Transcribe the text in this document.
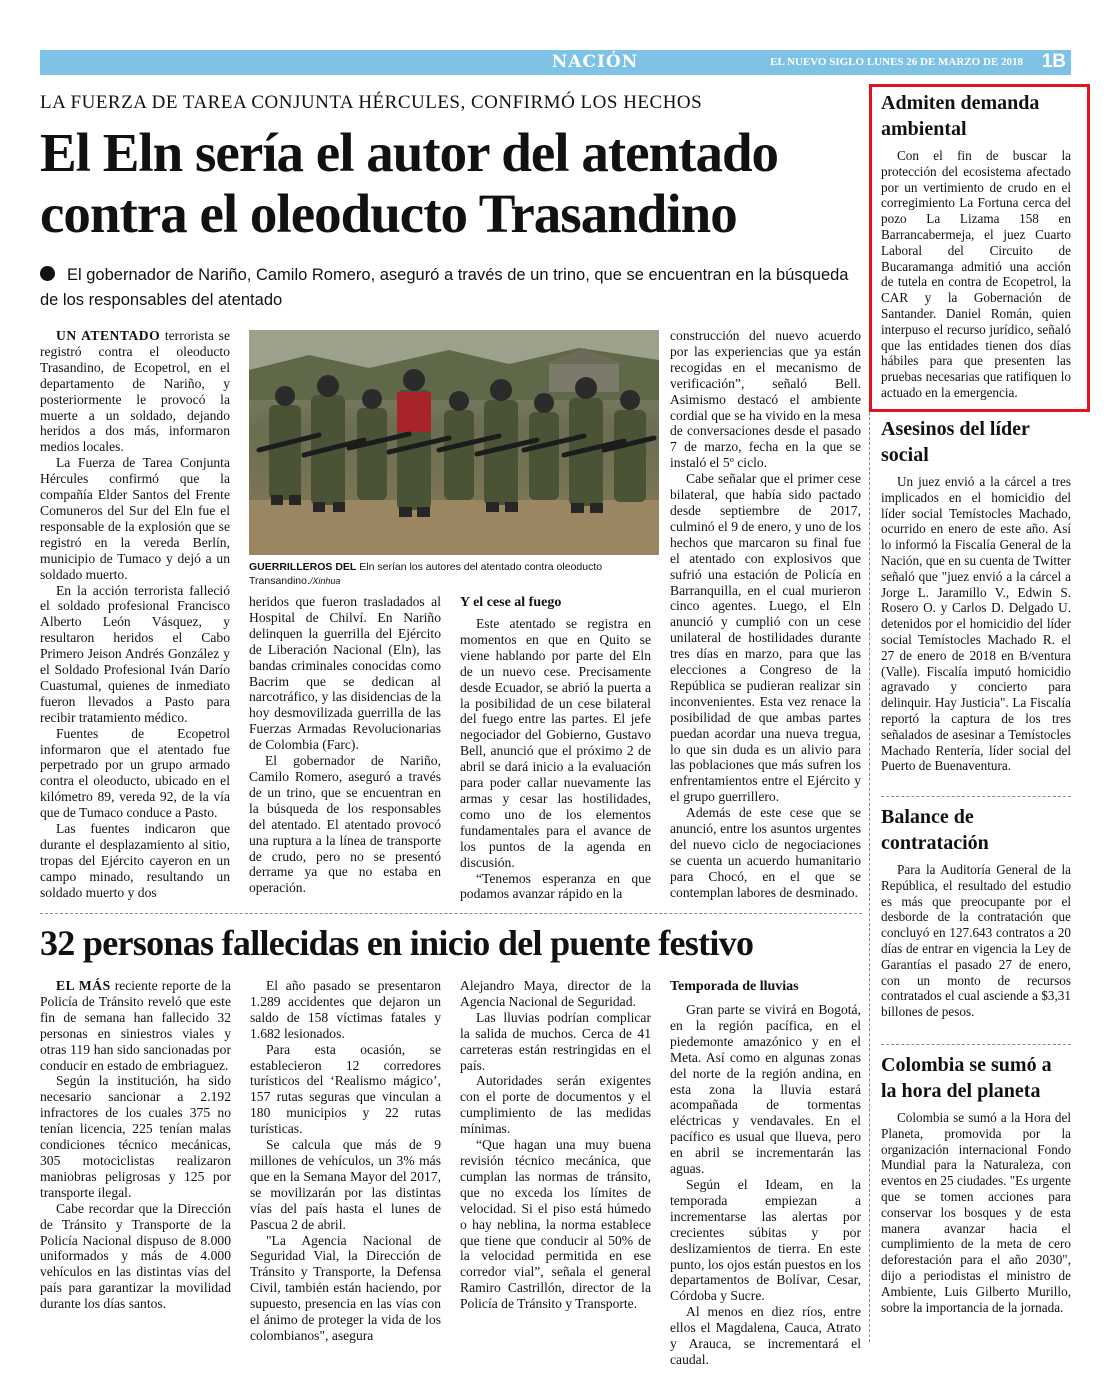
NACIÓN	EL NUEVO SIGLO LUNES 26 DE MARZO DE 2018 1B
LA FUERZA DE TAREA CONJUNTA HÉRCULES, CONFIRMÓ LOS HECHOS
El Eln sería el autor del atentado contra el oleoducto Trasandino
El gobernador de Nariño, Camilo Romero, aseguró a través de un trino, que se encuentran en la búsqueda de los responsables del atentado

UN ATENTADO terrorista se registró contra el oleoducto Trasandino, de Ecopetrol, en el departamento de Nariño, y posteriormente le provocó la muerte a un soldado, dejando heridos a dos más, informaron medios locales.

La Fuerza de Tarea Conjunta Hércules confirmó que la compañía Elder Santos del Frente Comuneros del Sur del Eln fue el responsable de la explosión que se registró en la vereda Berlín, municipio de Tumaco y dejó a un soldado muerto.

En la acción terrorista falleció el soldado profesional Francisco Alberto León Vásquez, y resultaron heridos el Cabo Primero Jeison Andrés González y el Soldado Profesional Iván Darío Cuastumal, quienes de inmediato fueron llevados a Pasto para recibir tratamiento médico.

Fuentes de Ecopetrol informaron que el atentado fue perpetrado por un grupo armado contra el oleoducto, ubicado en el kilómetro 89, vereda 92, de la vía que de Tumaco conduce a Pasto.

Las fuentes indicaron que durante el desplazamiento al sitio, tropas del Ejército cayeron en un campo minado, resultando un soldado muerto y dos

GUERRILLEROS DEL Eln serían los autores del atentado contra oleoducto Transandino./Xinhua

heridos que fueron trasladados al Hospital de Chilví. En Nariño delinquen la guerrilla del Ejército de Liberación Nacional (Eln), las bandas criminales conocidas como Bacrim que se dedican al narcotráfico, y las disidencias de la hoy desmovilizada guerrilla de las Fuerzas Armadas Revolucionarias de Colombia (Farc).

El gobernador de Nariño, Camilo Romero, aseguró a través de un trino, que se encuentran en la búsqueda de los responsables del atentado. El atentado provocó una ruptura a la línea de transporte de crudo, pero no se presentó derrame ya que no estaba en operación.

Y el cese al fuego

Este atentado se registra en momentos en que en Quito se viene hablando por parte del Eln de un nuevo cese. Precisamente desde Ecuador, se abrió la puerta a la posibilidad de un cese bilateral del fuego entre las partes. El jefe negociador del Gobierno, Gustavo Bell, anunció que el próximo 2 de abril se dará inicio a la evaluación para poder callar nuevamente las armas y cesar las hostilidades, como uno de los elementos fundamentales para el avance de los puntos de la agenda en discusión.

“Tenemos esperanza en que podamos avanzar rápido en la

construcción del nuevo acuerdo por las experiencias que ya están recogidas en el mecanismo de verificación”, señaló Bell. Asimismo destacó el ambiente cordial que se ha vivido en la mesa de conversaciones desde el pasado 7 de marzo, fecha en la que se instaló el 5º ciclo.

Cabe señalar que el primer cese bilateral, que había sido pactado desde septiembre de 2017, culminó el 9 de enero, y uno de los hechos que marcaron su final fue el atentado con explosivos que sufrió una estación de Policía en Barranquilla, en el cual murieron cinco agentes. Luego, el Eln anunció y cumplió con un cese unilateral de hostilidades durante tres días en marzo, para que las elecciones a Congreso de la República se pudieran realizar sin inconvenientes. Esta vez renace la posibilidad de que ambas partes puedan acordar una nueva tregua, lo que sin duda es un alivio para las poblaciones que más sufren los enfrentamientos entre el Ejército y el grupo guerrillero.

Además de este cese que se anunció, entre los asuntos urgentes del nuevo ciclo de negociaciones se cuenta un acuerdo humanitario para Chocó, en el que se contemplan labores de desminado.

32 personas fallecidas en inicio del puente festivo

EL MÁS reciente reporte de la Policía de Tránsito reveló que este fin de semana han fallecido 32 personas en siniestros viales y otras 119 han sido sancionadas por conducir en estado de embriaguez.

Según la institución, ha sido necesario sancionar a 2.192 infractores de los cuales 375 no tenían licencia, 225 tenían malas condiciones técnico mecánicas, 305 motociclistas realizaron maniobras peligrosas y 125 por transporte ilegal.

Cabe recordar que la Dirección de Tránsito y Transporte de la Policía Nacional dispuso de 8.000 uniformados y más de 4.000 vehículos en las distintas vías del país para garantizar la movilidad durante los días santos.

El año pasado se presentaron 1.289 accidentes que dejaron un saldo de 158 víctimas fatales y 1.682 lesionados.

Para esta ocasión, se establecieron 12 corredores turísticos del ‘Realismo mágico’, 157 rutas seguras que vinculan a 180 municipios y 22 rutas turísticas.

Se calcula que más de 9 millones de vehículos, un 3% más que en la Semana Mayor del 2017, se movilizarán por las distintas vías del país hasta el lunes de Pascua 2 de abril.

"La Agencia Nacional de Seguridad Vial, la Dirección de Tránsito y Transporte, la Defensa Civil, también están haciendo, por supuesto, presencia en las vías con el ánimo de proteger la vida de los colombianos", asegura

Alejandro Maya, director de la Agencia Nacional de Seguridad.

Las lluvias podrían complicar la salida de muchos. Cerca de 41 carreteras están restringidas en el país.

Autoridades serán exigentes con el porte de documentos y el cumplimiento de las medidas mínimas.

“Que hagan una muy buena revisión técnico mecánica, que cumplan las normas de tránsito, que no exceda los límites de velocidad. Si el piso está húmedo o hay neblina, la norma establece que tiene que conducir al 50% de la velocidad permitida en ese corredor vial”, señala el general Ramiro Castrillón, director de la Policía de Tránsito y Transporte.

Temporada de lluvias

Gran parte se vivirá en Bogotá, en la región pacífica, en el piedemonte amazónico y en el Meta. Así como en algunas zonas del norte de la región andina, en esta zona la lluvia estará acompañada de tormentas eléctricas y vendavales. En el pacífico es usual que llueva, pero en abril se incrementarán las aguas.

Según el Ideam, en la temporada empiezan a incrementarse las alertas por crecientes súbitas y por deslizamientos de tierra. En este punto, los ojos están puestos en los departamentos de Bolívar, Cesar, Córdoba y Sucre.

Al menos en diez ríos, entre ellos el Magdalena, Cauca, Atrato y Arauca, se incrementará el caudal.

Admiten demanda ambiental
Con el fin de buscar la protección del ecosistema afectado por un vertimiento de crudo en el corregimiento La Fortuna cerca del pozo La Lizama 158 en Barrancabermeja, el juez Cuarto Laboral del Circuito de Bucaramanga admitió una acción de tutela en contra de Ecopetrol, la CAR y la Gobernación de Santander. Daniel Román, quien interpuso el recurso jurídico, señaló que las entidades tienen dos días hábiles para que presenten las pruebas necesarias que ratifiquen lo actuado en la emergencia.
Asesinos del líder social
Un juez envió a la cárcel a tres implicados en el homicidio del líder social Temístocles Machado, ocurrido en enero de este año. Así lo informó la Fiscalía General de la Nación, que en su cuenta de Twitter señaló que "juez envió a la cárcel a Jorge L. Jaramillo V., Edwin S. Rosero O. y Carlos D. Delgado U. detenidos por el homicidio del líder social Temístocles Machado R. el 27 de enero de 2018 en B/ventura (Valle). Fiscalía imputó homicidio agravado y concierto para delinquir. Hay Justicia". La Fiscalía reportó la captura de los tres señalados de asesinar a Temístocles Machado Rentería, líder social del Puerto de Buenaventura.
Balance de contratación
Para la Auditoría General de la República, el resultado del estudio es más que preocupante por el desborde de la contratación que concluyó en 127.643 contratos a 20 días de entrar en vigencia la Ley de Garantías el pasado 27 de enero, con un monto de recursos contratados el cual asciende a $3,31 billones de pesos.
Colombia se sumó a la hora del planeta
Colombia se sumó a la Hora del Planeta, promovida por la organización internacional Fondo Mundial para la Naturaleza, con eventos en 25 ciudades. "Es urgente que se tomen acciones para conservar los bosques y de esta manera avanzar hacia el cumplimiento de la meta de cero deforestación para el año 2030", dijo a periodistas el ministro de Ambiente, Luis Gilberto Murillo, sobre la importancia de la jornada.
